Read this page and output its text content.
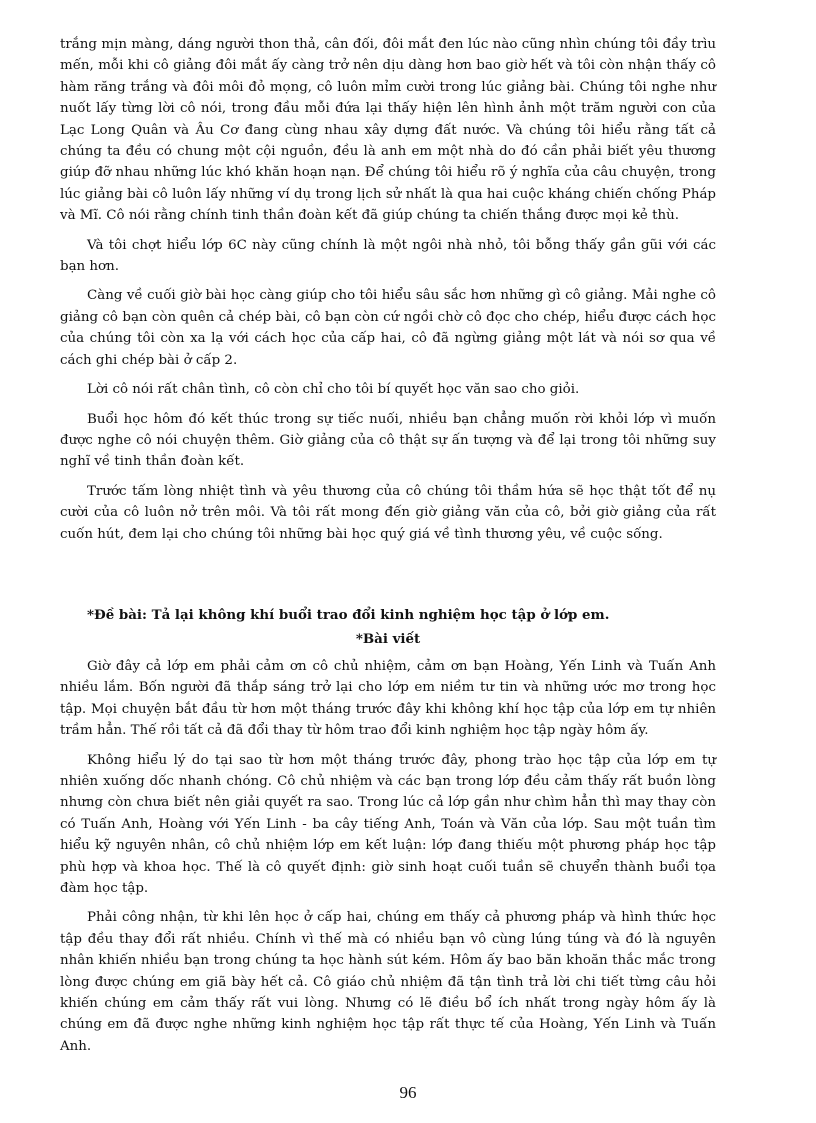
trắng mịn màng, dáng người thon thả, cân đối, đôi mắt đen lúc nào cũng nhìn chúng tôi đầy trìu mến, mỗi khi cô giảng đôi mắt ấy càng trở nên dịu dàng hơn bao giờ hết và tôi còn nhận thấy cô hàm răng trắng và đôi môi đỏ mọng, cô luôn mỉm cười trong lúc giảng bài. Chúng tôi nghe như nuốt lấy từng lời cô nói, trong đầu mỗi đứa lại thấy hiện lên hình ảnh một trăm người con của Lạc Long Quân và Âu Cơ đang cùng nhau xây dựng đất nước. Và chúng tôi hiểu rằng tất cả chúng ta đều có chung một cội nguồn, đều là anh em một nhà do đó cần phải biết yêu thương giúp đỡ nhau những lúc khó khăn hoạn nạn. Để chúng tôi hiểu rõ ý nghĩa của câu chuyện, trong lúc giảng bài cô luôn lấy những ví dụ trong lịch sử nhất là qua hai cuộc kháng chiến chống Pháp và Mĩ. Cô nói rằng chính tinh thần đoàn kết đã giúp chúng ta chiến thắng được mọi kẻ thù.

Và tôi chợt hiểu lớp 6C này cũng chính là một ngôi nhà nhỏ, tôi bỗng thấy gần gũi với các bạn hơn.

Càng về cuối giờ bài học càng giúp cho tôi hiểu sâu sắc hơn những gì cô giảng. Mải nghe cô giảng cô bạn còn quên cả chép bài, cô bạn còn cứ ngồi chờ cô đọc cho chép, hiểu được cách học của chúng tôi còn xa lạ với cách học của cấp hai, cô đã ngừng giảng một lát và nói sơ qua về cách ghi chép bài ở cấp 2.

Lời cô nói rất chân tình, cô còn chỉ cho tôi bí quyết học văn sao cho giỏi.

Buổi học hôm đó kết thúc trong sự tiếc nuối, nhiều bạn chẳng muốn rời khỏi lớp vì muốn được nghe cô nói chuyện thêm. Giờ giảng của cô thật sự ấn tượng và để lại trong tôi những suy nghĩ về tinh thần đoàn kết.

Trước tấm lòng nhiệt tình và yêu thương của cô chúng tôi thầm hứa sẽ học thật tốt để nụ cười của cô luôn nở trên môi. Và tôi rất mong đến giờ giảng văn của cô, bởi giờ giảng của rất cuốn hút, đem lại cho chúng tôi những bài học quý giá về tình thương yêu, về cuộc sống.

*Đề bài: Tả lại không khí buổi trao đổi kinh nghiệm học tập ở lớp em.
*Bài viết

Giờ đây cả lớp em phải cảm ơn cô chủ nhiệm, cảm ơn bạn Hoàng, Yến Linh và Tuấn Anh nhiều lắm. Bốn người đã thắp sáng trở lại cho lớp em niềm tư tin và những ước mơ trong học tập. Mọi chuyện bắt đầu từ hơn một tháng trước đây khi không khí học tập của lớp em tự nhiên trầm hẳn. Thế rồi tất cả đã đổi thay từ hôm trao đổi kinh nghiệm học tập ngày hôm ấy.

Không hiểu lý do tại sao từ hơn một tháng trước đây, phong trào học tập của lớp em tự nhiên xuống dốc nhanh chóng. Cô chủ nhiệm và các bạn trong lớp đều cảm thấy rất buồn lòng nhưng còn chưa biết nên giải quyết ra sao. Trong lúc cả lớp gần như chìm hẳn thì may thay còn có Tuấn Anh, Hoàng với Yến Linh - ba cây tiếng Anh, Toán và Văn của lớp. Sau một tuần tìm hiểu kỹ nguyên nhân, cô chủ nhiệm lớp em kết luận: lớp đang thiếu một phương pháp học tập phù hợp và khoa học. Thế là cô quyết định: giờ sinh hoạt cuối tuần sẽ chuyển thành buổi tọa đàm học tập.

Phải công nhận, từ khi lên học ở cấp hai, chúng em thấy cả phương pháp và hình thức học tập đều thay đổi rất nhiều. Chính vì thế mà có nhiều bạn vô cùng lúng túng và đó là nguyên nhân khiến nhiều bạn trong chúng ta học hành sút kém. Hôm ấy bao băn khoăn thắc mắc trong lòng được chúng em giã bày hết cả. Cô giáo chủ nhiệm đã tận tình trả lời chi tiết từng câu hỏi khiến chúng em cảm thấy rất vui lòng. Nhưng có lẽ điều bổ ích nhất trong ngày hôm ấy là chúng em đã được nghe những kinh nghiệm học tập rất thực tế của Hoàng, Yến Linh và Tuấn Anh.

96
